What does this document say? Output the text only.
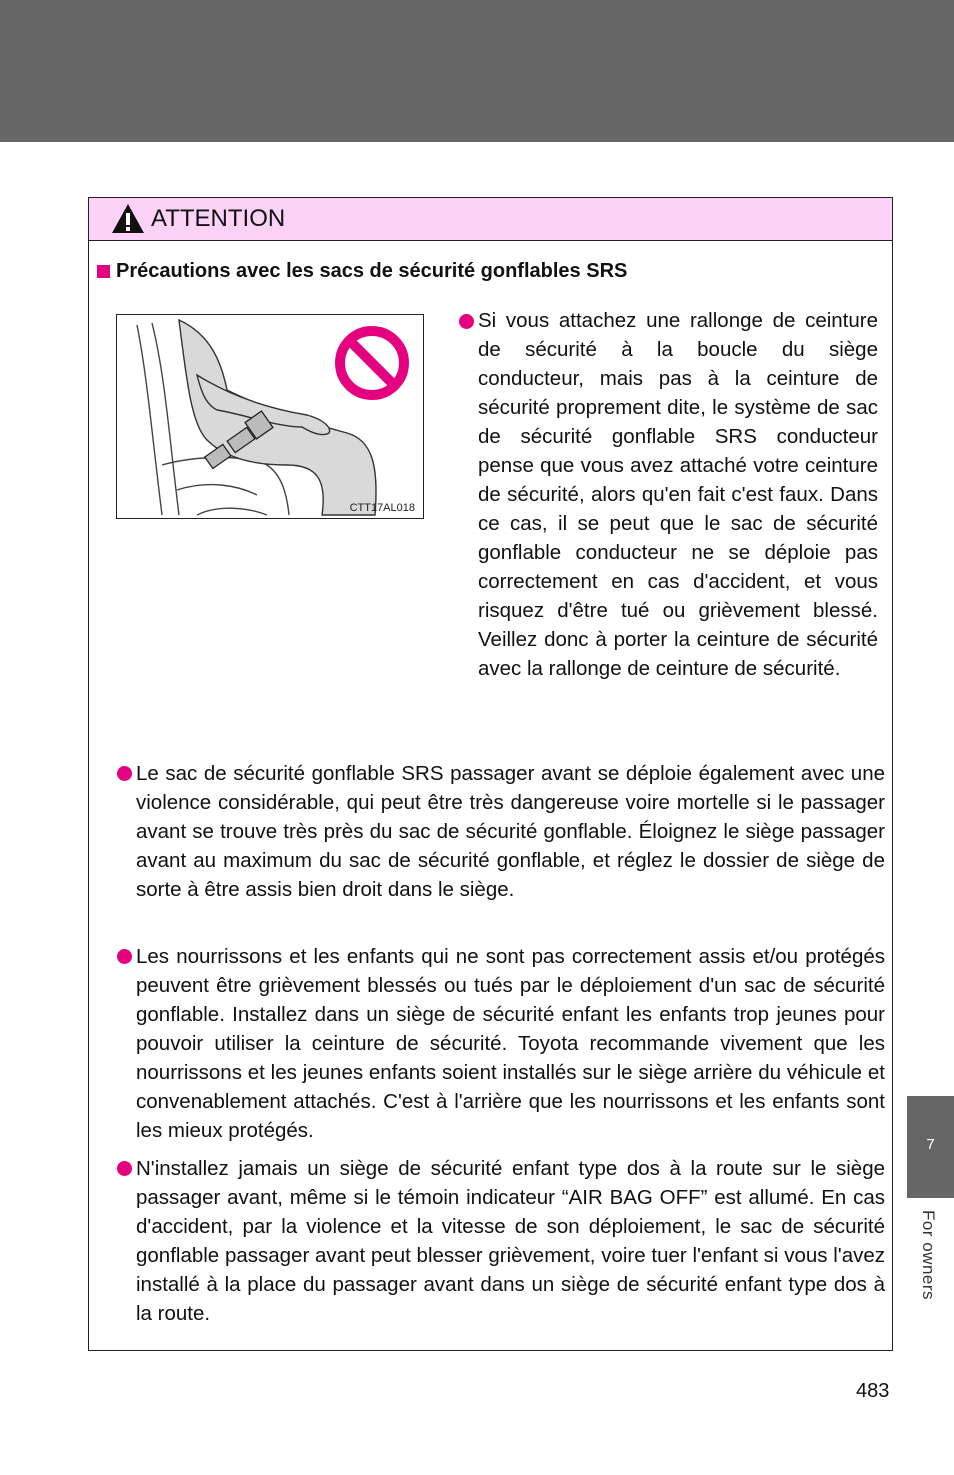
ATTENTION
Précautions avec les sacs de sécurité gonflables SRS
CTT17AL018
Si vous attachez une rallonge de ceinture de sécurité à la boucle du siège conducteur, mais pas à la ceinture de sécurité proprement dite, le système de sac de sécurité gonflable SRS conducteur pense que vous avez attaché votre ceinture de sécurité, alors qu'en fait c'est faux. Dans ce cas, il se peut que le sac de sécurité gonflable conducteur ne se déploie pas correctement en cas d'accident, et vous risquez d'être tué ou grièvement blessé. Veillez donc à porter la ceinture de sécurité avec la rallonge de ceinture de sécurité.
Le sac de sécurité gonflable SRS passager avant se déploie également avec une violence considérable, qui peut être très dangereuse voire mortelle si le passager avant se trouve très près du sac de sécurité gonflable. Éloignez le siège passager avant au maximum du sac de sécurité gonflable, et réglez le dossier de siège de sorte à être assis bien droit dans le siège.
Les nourrissons et les enfants qui ne sont pas correctement assis et/ou protégés peuvent être grièvement blessés ou tués par le déploiement d'un sac de sécurité gonflable. Installez dans un siège de sécurité enfant les enfants trop jeunes pour pouvoir utiliser la ceinture de sécurité. Toyota recommande vivement que les nourrissons et les jeunes enfants soient installés sur le siège arrière du véhicule et convenablement attachés. C'est à l'arrière que les nourrissons et les enfants sont les mieux protégés.
N'installez jamais un siège de sécurité enfant type dos à la route sur le siège passager avant, même si le témoin indicateur “AIR BAG OFF” est allumé. En cas d'accident, par la violence et la vitesse de son déploiement, le sac de sécurité gonflable passager avant peut blesser grièvement, voire tuer l'enfant si vous l'avez installé à la place du passager avant dans un siège de sécurité enfant type dos à la route.
7
For owners
483
